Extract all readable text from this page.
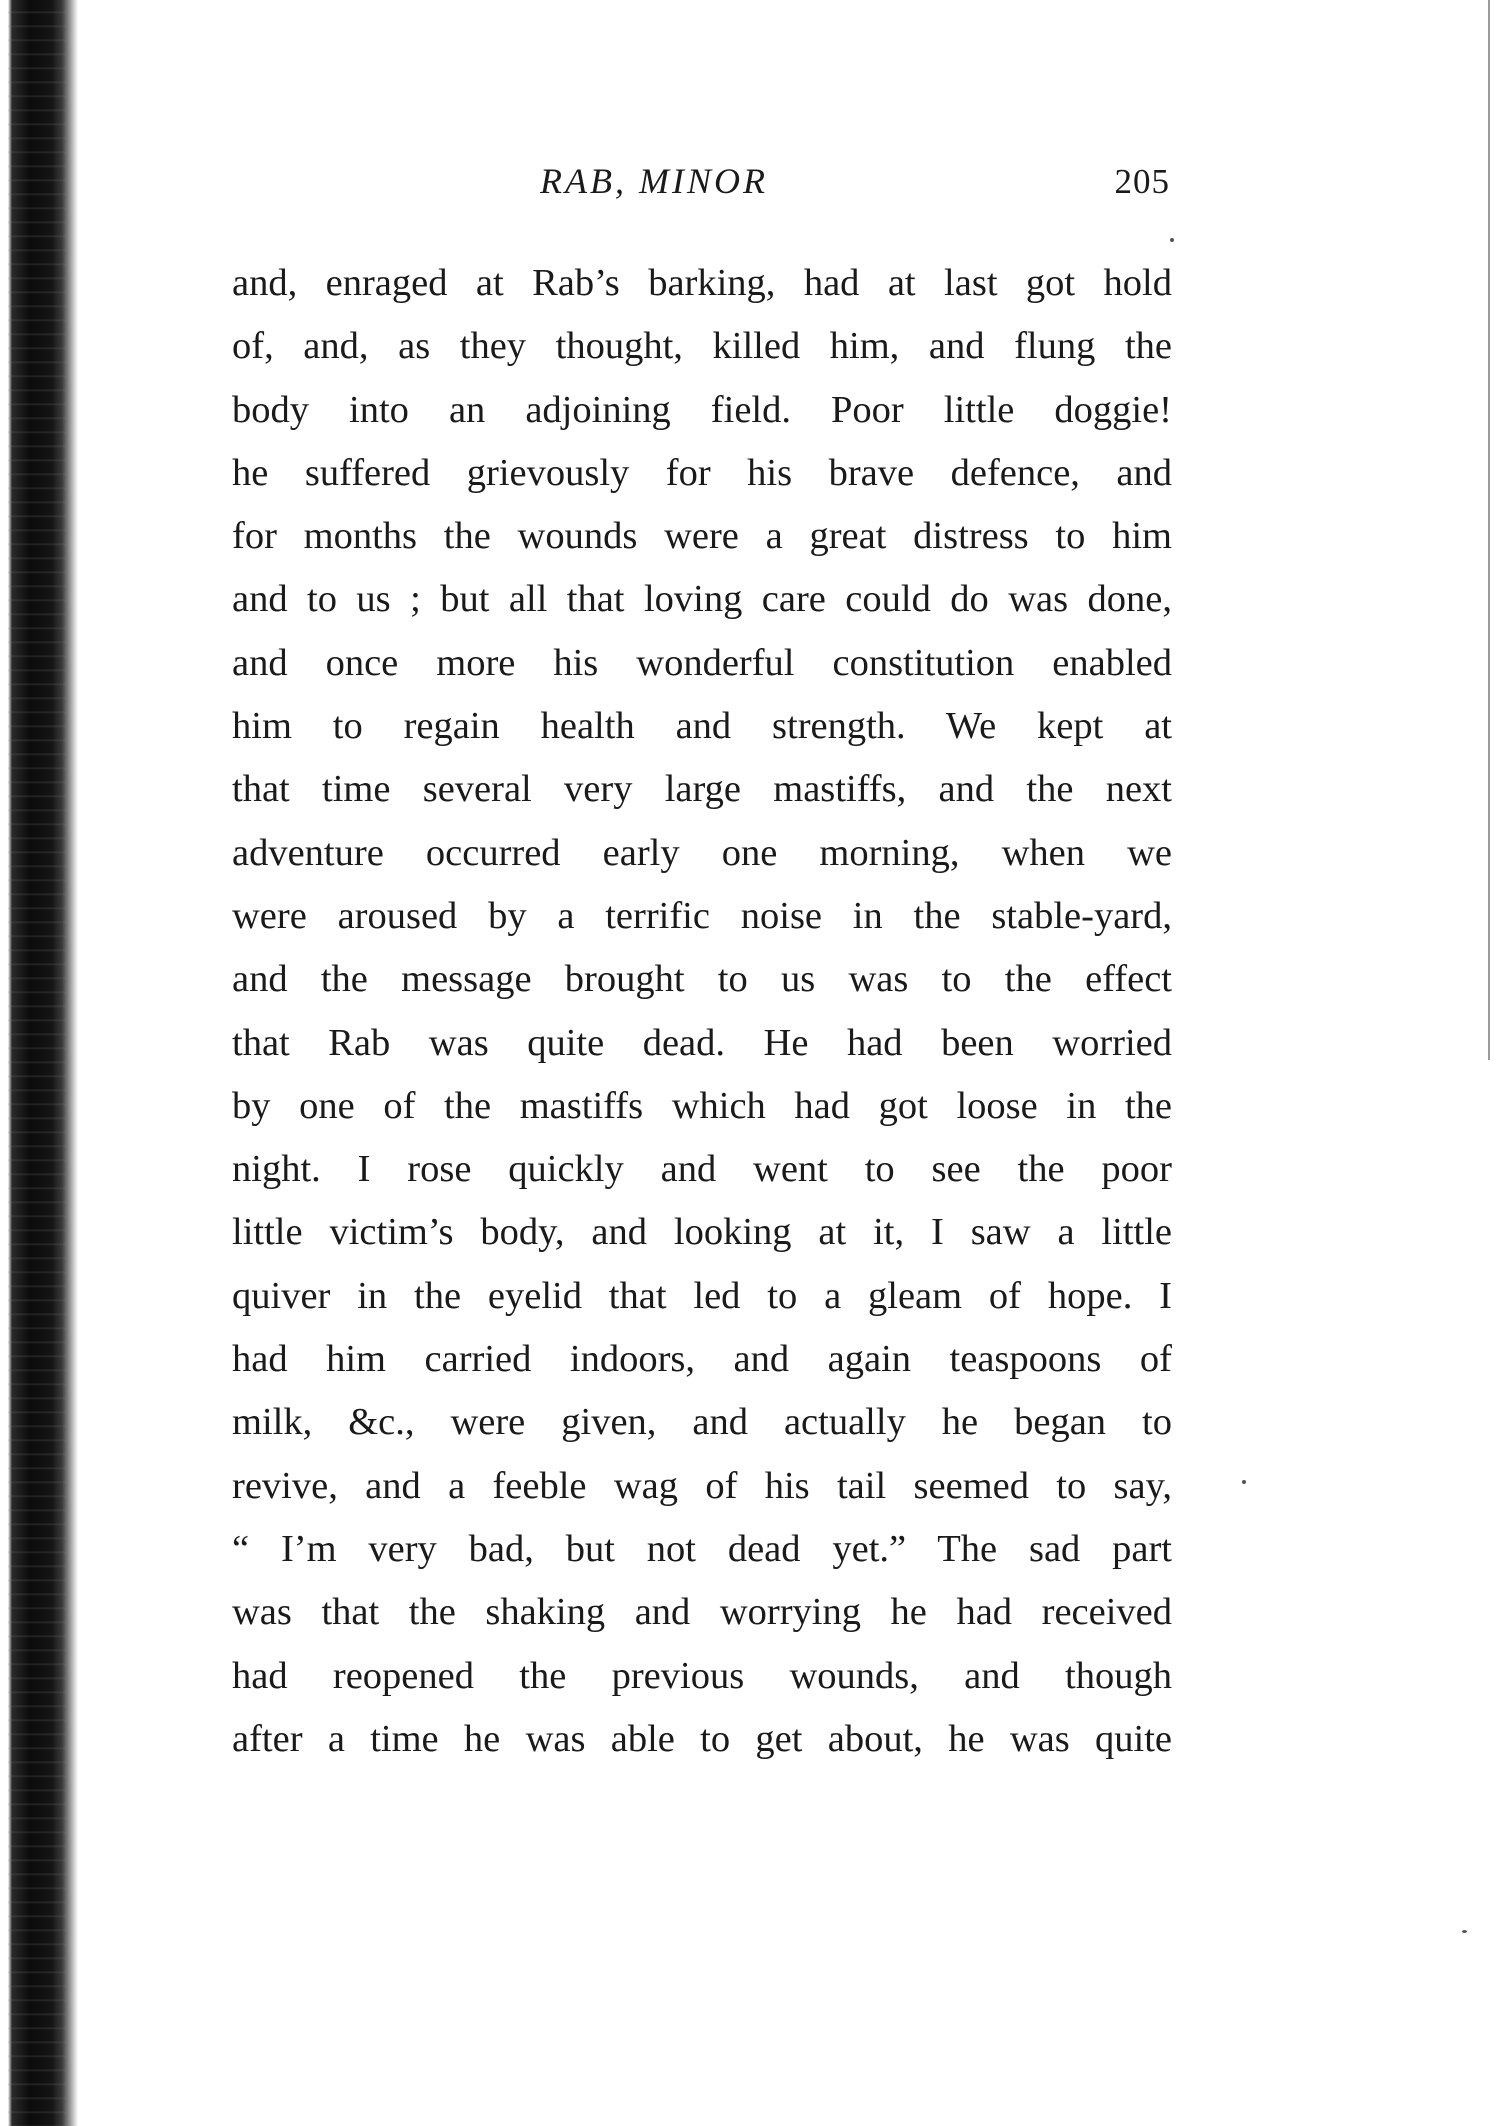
RAB, MINOR	205
and, enraged at Rab’s barking, had at last got hold
of, and, as they thought, killed him, and flung the
body into an adjoining field. Poor little doggie!
he suffered grievously for his brave defence, and
for months the wounds were a great distress to him
and to us ; but all that loving care could do was done,
and once more his wonderful constitution enabled
him to regain health and strength. We kept at
that time several very large mastiffs, and the next
adventure occurred early one morning, when we
were aroused by a terrific noise in the stable-yard,
and the message brought to us was to the effect
that Rab was quite dead. He had been worried
by one of the mastiffs which had got loose in the
night. I rose quickly and went to see the poor
little victim’s body, and looking at it, I saw a little
quiver in the eyelid that led to a gleam of hope. I
had him carried indoors, and again teaspoons of
milk, &c., were given, and actually he began to
revive, and a feeble wag of his tail seemed to say,
“ I’m very bad, but not dead yet.” The sad part
was that the shaking and worrying he had received
had reopened the previous wounds, and though
after a time he was able to get about, he was quite
